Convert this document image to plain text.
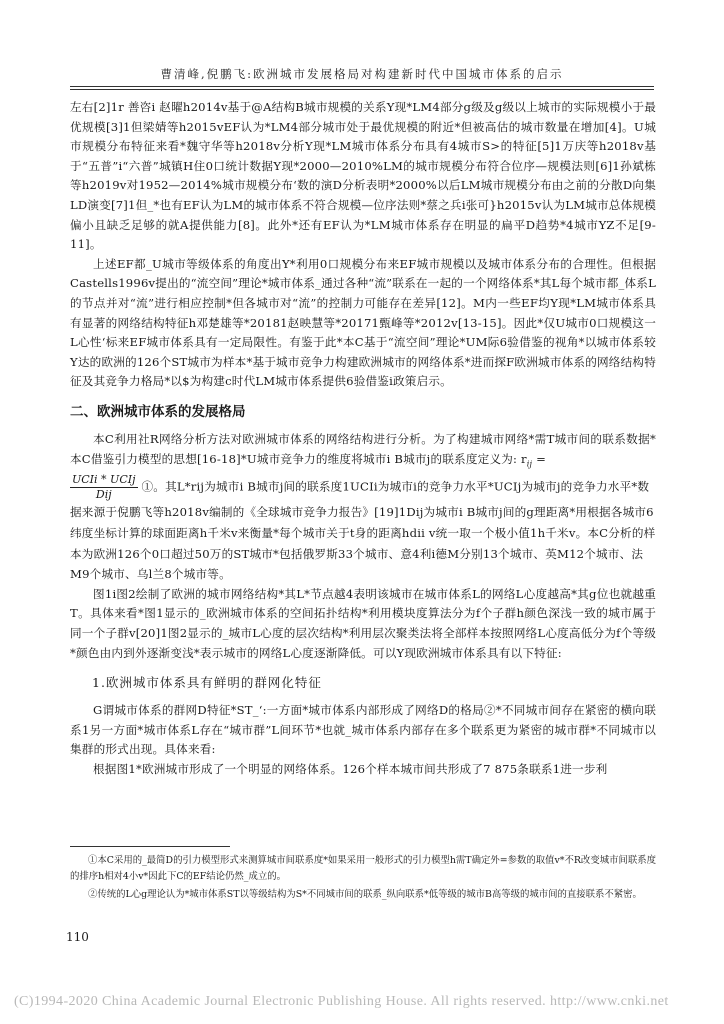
曹清峰,倪鹏飞:欧洲城市发展格局对构建新时代中国城市体系的启示

左右[2]1r 善咨i 赵曜h2014v基于@A结构B城市规模的关系Y现*LM4部分g级及g级以上城市的实际规模小于最优规模[3]1但梁婧等h2015vEF认为*LM4部分城市处于最优规模的附近*但被高估的城市数量在增加[4]。U城市规模分布特征来看*魏守华等h2018v分析Y现*LM城市体系分布具有4城市S>的特征[5]1万庆等h2018v基于“五普”i“六普”城镇H住0口统计数据Y现*2000—2010%LM的城市规模分布符合位序—规模法则[6]1孙斌栋等h2019v对1952—2014%城市规模分布‘数的演D分析表明*2000%以后LM城市规模分布由之前的分散D向集LD演变[7]1但_*也有EF认为LM的城市体系不符合规模—位序法则*蔡之兵i张可}h2015v认为LM城市总体规模偏小且缺乏足够的就A提供能力[8]。此外*还有EF认为*LM城市体系存在明显的扁平D趋势*4城市YZ不足[9-11]。

上述EF都_U城市等级体系的角度出Y*利用0口规模分布来EF城市规模以及城市体系分布的合理性。但根据Castells1996v提出的“流空间”理论*城市体系_通过各种“流”联系在一起的一个网络体系*其L每个城市都_体系L的节点并对“流”进行相应控制*但各城市对“流”的控制力可能存在差异[12]。M内一些EF均Y现*LM城市体系具有显著的网络结构特征h邓楚雄等*20181赵映慧等*20171甄峰等*2012v[13-15]。因此*仅U城市0口规模这一L心性‘标来EF城市体系具有一定局限性。有鉴于此*本C基于“流空间”理论*UM际6验借鉴的视角*以城市体系较Y达的欧洲的126个ST城市为样本*基于城市竞争力构建欧洲城市的网络体系*进而探F欧洲城市体系的网络结构特征及其竞争力格局*以$为构建c时代LM城市体系提供6验借鉴i政策启示。

二、欧洲城市体系的发展格局

本C利用社R网络分析方法对欧洲城市体系的网络结构进行分析。为了构建城市网络*需T城市间的联系数据*本C借鉴引力模型的思想[16-18]*U城市竞争力的维度将城市i B城市j的联系度定义为: $r_{ij}$ =

$\frac{\text{UCIi * UCIj}}{\text{Dij}}$ ①。其L*rij为城市i B城市j间的联系度1UCIi为城市i的竞争力水平*UCIj为城市j的竞争力水平*数据来源于倪鹏飞等h2018v编制的《全球城市竞争力报告》[19]1Dij为城市i B城市j间的g理距离*用根据各城市6纬度坐标计算的球面距离h千米v来衡量*每个城市关于t身的距离hdii v统一取一个极小值1h千米v。本C分析的样本为欧洲126个0口超过50万的ST城市*包括俄罗斯33个城市、意4利i德M分别13个城市、英M12个城市、法M9个城市、乌l兰8个城市等。

图1i图2绘制了欧洲的城市网络结构*其L*节点越4表明该城市在城市体系L的网络L心度越高*其g位也就越重T。具体来看*图1显示的_欧洲城市体系的空间拓扑结构*利用模块度算法分为f个子群h颜色深浅一致的城市属于同一个子群v[20]1图2显示的_城市L心度的层次结构*利用层次聚类法将全部样本按照网络L心度高低分为f个等级*颜色由内到外逐渐变浅*表示城市的网络L心度逐渐降低。可以Y现欧洲城市体系具有以下特征:

1.欧洲城市体系具有鲜明的群网化特征

G谓城市体系的群网D特征*ST_‘:一方面*城市体系内部形成了网络D的格局②*不同城市间存在紧密的横向联系1另一方面*城市体系L存在“城市群”L间环节*也就_城市体系内部存在多个联系更为紧密的城市群*不同城市以集群的形式出现。具体来看:

根据图1*欧洲城市形成了一个明显的网络体系。126个样本城市间共形成了7 875条联系1进一步利

①本C采用的_最简D的引力模型形式来测算城市间联系度*如果采用一般形式的引力模型h需T确定外=参数的取值v*不R改变城市间联系度的排序h相对4小v*因此下C的EF结论仍然_成立的。

②传统的L心g理论认为*城市体系ST以等级结构为S*不同城市间的联系_纵向联系*低等级的城市B高等级的城市间的直接联系不紧密。

110
(C)1994-2020 China Academic Journal Electronic Publishing House. All rights reserved. http://www.cnki.net
